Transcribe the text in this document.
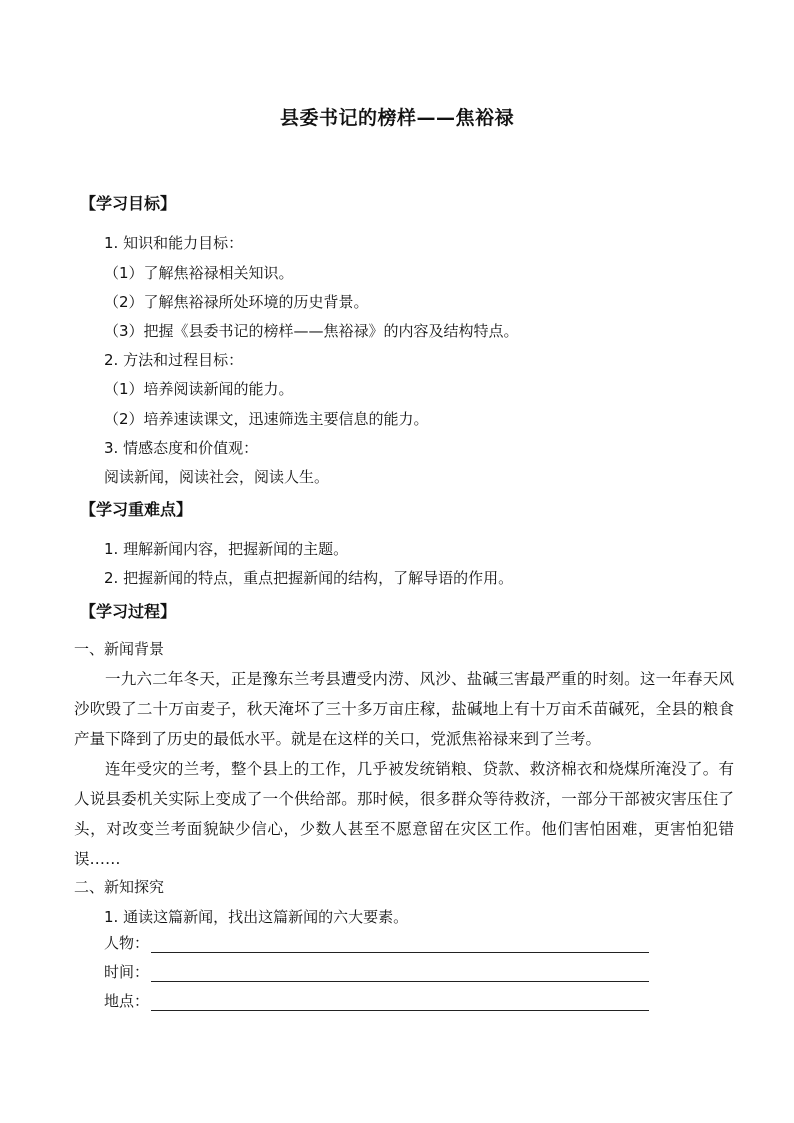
县委书记的榜样——焦裕禄
【学习目标】
1. 知识和能力目标：
（1）了解焦裕禄相关知识。
（2）了解焦裕禄所处环境的历史背景。
（3）把握《县委书记的榜样——焦裕禄》的内容及结构特点。
2. 方法和过程目标：
（1）培养阅读新闻的能力。
（2）培养速读课文，迅速筛选主要信息的能力。
3. 情感态度和价值观：
阅读新闻，阅读社会，阅读人生。
【学习重难点】
1. 理解新闻内容，把握新闻的主题。
2. 把握新闻的特点，重点把握新闻的结构，了解导语的作用。
【学习过程】
一、新闻背景

一九六二年冬天，正是豫东兰考县遭受内涝、风沙、盐碱三害最严重的时刻。这一年春天风沙吹毁了二十万亩麦子，秋天淹坏了三十多万亩庄稼，盐碱地上有十万亩禾苗碱死，全县的粮食产量下降到了历史的最低水平。就是在这样的关口，党派焦裕禄来到了兰考。

连年受灾的兰考，整个县上的工作，几乎被发统销粮、贷款、救济棉衣和烧煤所淹没了。有人说县委机关实际上变成了一个供给部。那时候，很多群众等待救济，一部分干部被灾害压住了头，对改变兰考面貌缺少信心，少数人甚至不愿意留在灾区工作。他们害怕困难，更害怕犯错误……

二、新知探究
1. 通读这篇新闻，找出这篇新闻的六大要素。
人物：
时间：
地点：
